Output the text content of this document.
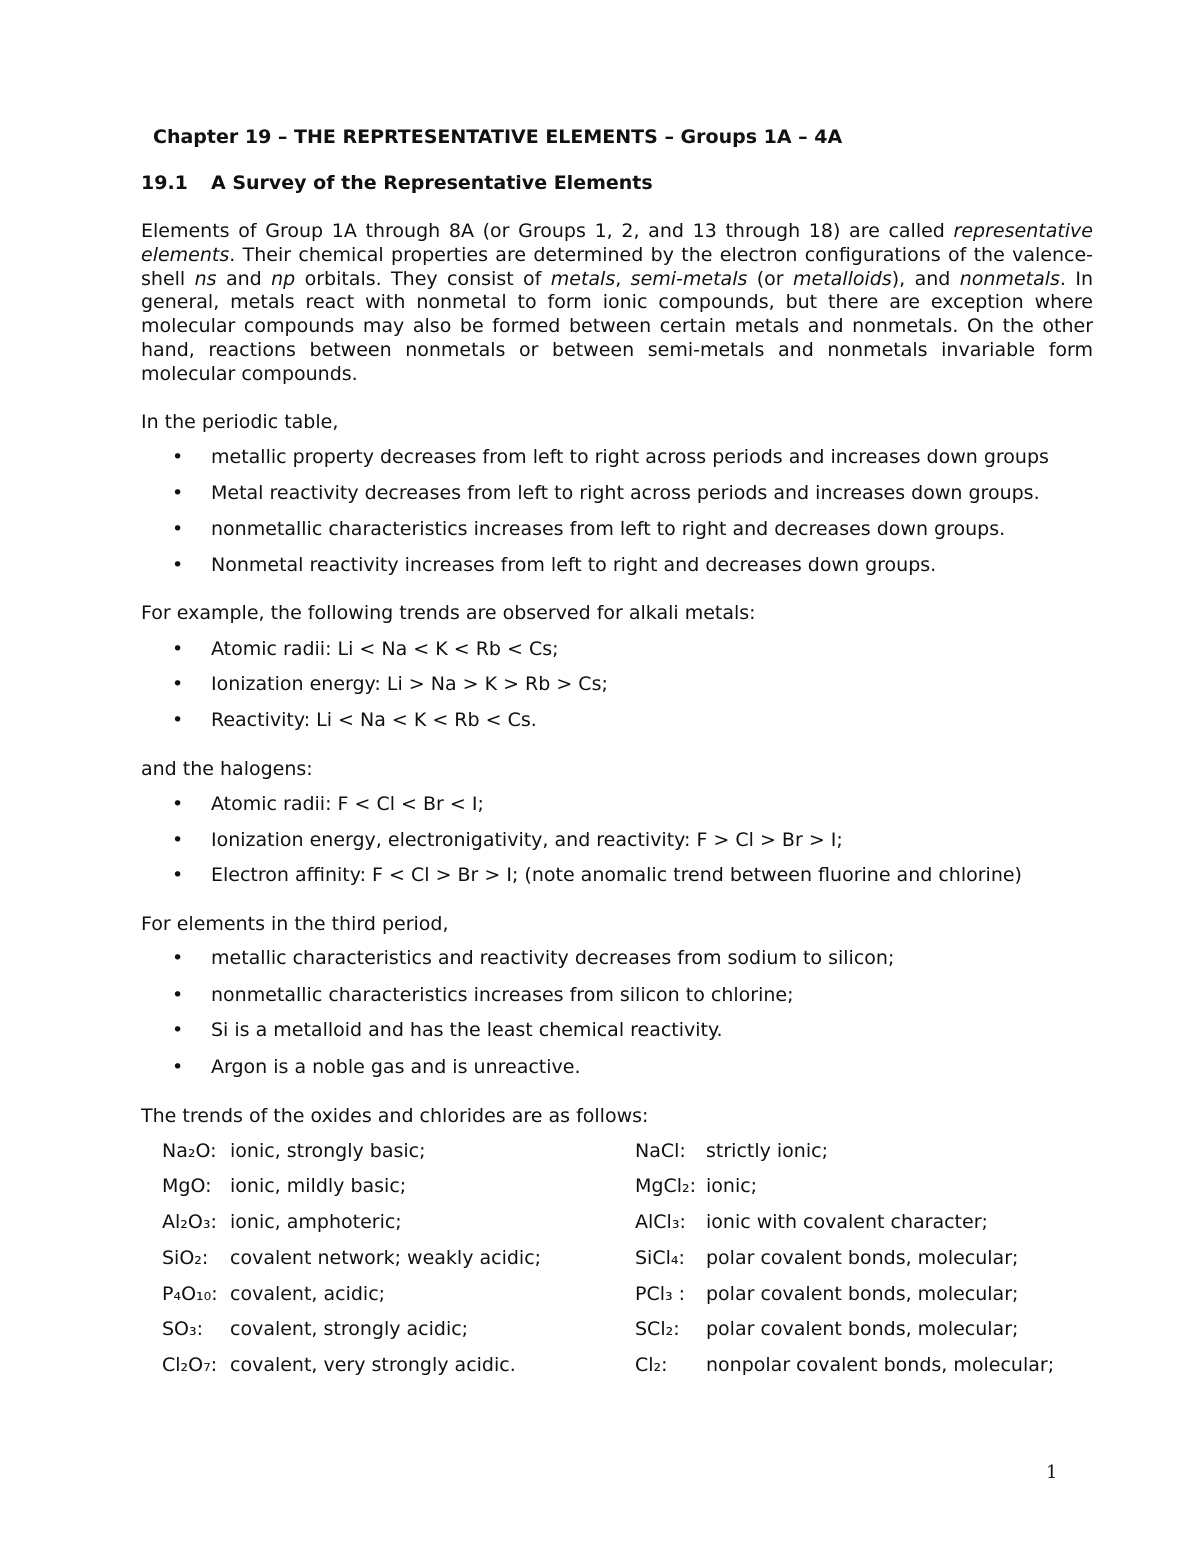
Chapter 19 – THE REPRTESENTATIVE ELEMENTS – Groups 1A – 4A
19.1 A Survey of the Representative Elements
Elements of Group 1A through 8A (or Groups 1, 2, and 13 through 18) are called representative elements. Their chemical properties are determined by the electron configurations of the valence-shell ns and np orbitals. They consist of metals, semi-metals (or metalloids), and nonmetals. In general, metals react with nonmetal to form ionic compounds, but there are exception where molecular compounds may also be formed between certain metals and nonmetals. On the other hand, reactions between nonmetals or between semi-metals and nonmetals invariable form molecular compounds.
In the periodic table,
• metallic property decreases from left to right across periods and increases down groups
• Metal reactivity decreases from left to right across periods and increases down groups.
• nonmetallic characteristics increases from left to right and decreases down groups.
• Nonmetal reactivity increases from left to right and decreases down groups.
For example, the following trends are observed for alkali metals:
• Atomic radii: Li < Na < K < Rb < Cs;
• Ionization energy: Li > Na > K > Rb > Cs;
• Reactivity: Li < Na < K < Rb < Cs.
and the halogens:
• Atomic radii: F < Cl < Br < I;
• Ionization energy, electronigativity, and reactivity: F > Cl > Br > I;
• Electron affinity: F < Cl > Br > I; (note anomalic trend between fluorine and chlorine)
For elements in the third period,
• metallic characteristics and reactivity decreases from sodium to silicon;
• nonmetallic characteristics increases from silicon to chlorine;
• Si is a metalloid and has the least chemical reactivity.
• Argon is a noble gas and is unreactive.
The trends of the oxides and chlorides are as follows:
Na₂O: ionic, strongly basic;
MgO: ionic, mildly basic;
Al₂O₃: ionic, amphoteric;
SiO₂: covalent network; weakly acidic;
P₄O₁₀: covalent, acidic;
SO₃: covalent, strongly acidic;
Cl₂O₇: covalent, very strongly acidic.
NaCl: strictly ionic;
MgCl₂: ionic;
AlCl₃: ionic with covalent character;
SiCl₄: polar covalent bonds, molecular;
PCl₃ : polar covalent bonds, molecular;
SCl₂: polar covalent bonds, molecular;
Cl₂: nonpolar covalent bonds, molecular;
1
